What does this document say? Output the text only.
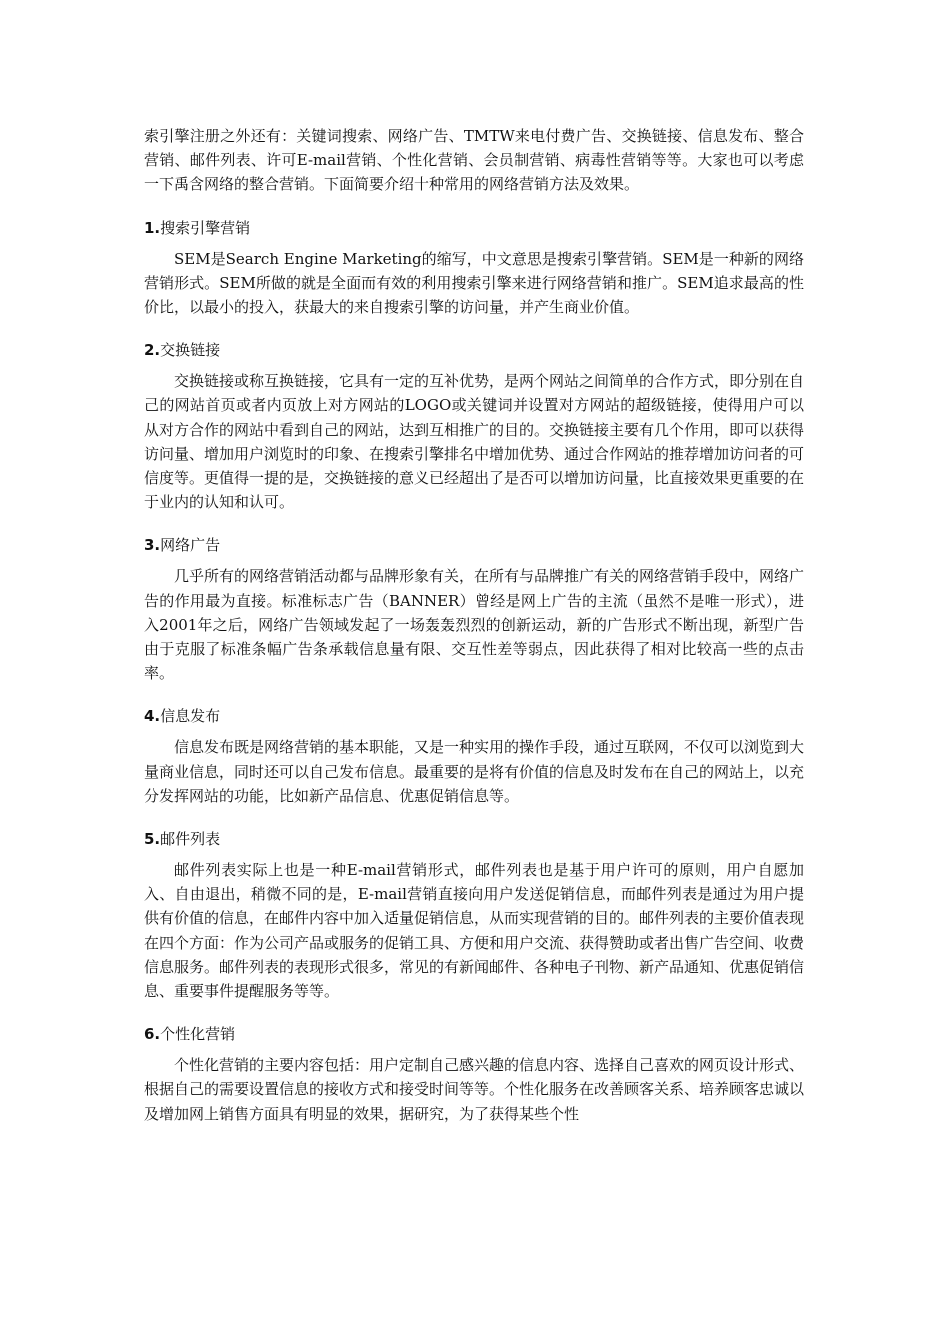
索引擎注册之外还有：关键词搜索、网络广告、TMTW来电付费广告、交换链接、信息发布、整合营销、邮件列表、许可E-mail营销、个性化营销、会员制营销、病毒性营销等等。大家也可以考虑一下禹含网络的整合营销。下面简要介绍十种常用的网络营销方法及效果。

1.搜索引擎营销

SEM是Search Engine Marketing的缩写，中文意思是搜索引擎营销。SEM是一种新的网络营销形式。SEM所做的就是全面而有效的利用搜索引擎来进行网络营销和推广。SEM追求最高的性价比，以最小的投入，获最大的来自搜索引擎的访问量，并产生商业价值。

2.交换链接

交换链接或称互换链接，它具有一定的互补优势，是两个网站之间简单的合作方式，即分别在自己的网站首页或者内页放上对方网站的LOGO或关键词并设置对方网站的超级链接，使得用户可以从对方合作的网站中看到自己的网站，达到互相推广的目的。交换链接主要有几个作用，即可以获得访问量、增加用户浏览时的印象、在搜索引擎排名中增加优势、通过合作网站的推荐增加访问者的可信度等。更值得一提的是，交换链接的意义已经超出了是否可以增加访问量，比直接效果更重要的在于业内的认知和认可。

3.网络广告

几乎所有的网络营销活动都与品牌形象有关，在所有与品牌推广有关的网络营销手段中，网络广告的作用最为直接。标准标志广告（BANNER）曾经是网上广告的主流（虽然不是唯一形式），进入2001年之后，网络广告领域发起了一场轰轰烈烈的创新运动，新的广告形式不断出现，新型广告由于克服了标准条幅广告条承载信息量有限、交互性差等弱点，因此获得了相对比较高一些的点击率。

4.信息发布

信息发布既是网络营销的基本职能，又是一种实用的操作手段，通过互联网，不仅可以浏览到大量商业信息，同时还可以自己发布信息。最重要的是将有价值的信息及时发布在自己的网站上，以充分发挥网站的功能，比如新产品信息、优惠促销信息等。

5.邮件列表

邮件列表实际上也是一种E-mail营销形式，邮件列表也是基于用户许可的原则，用户自愿加入、自由退出，稍微不同的是，E-mail营销直接向用户发送促销信息，而邮件列表是通过为用户提供有价值的信息，在邮件内容中加入适量促销信息，从而实现营销的目的。邮件列表的主要价值表现在四个方面：作为公司产品或服务的促销工具、方便和用户交流、获得赞助或者出售广告空间、收费信息服务。邮件列表的表现形式很多，常见的有新闻邮件、各种电子刊物、新产品通知、优惠促销信息、重要事件提醒服务等等。

6.个性化营销

个性化营销的主要内容包括：用户定制自己感兴趣的信息内容、选择自己喜欢的网页设计形式、根据自己的需要设置信息的接收方式和接受时间等等。个性化服务在改善顾客关系、培养顾客忠诚以及增加网上销售方面具有明显的效果，据研究，为了获得某些个性
